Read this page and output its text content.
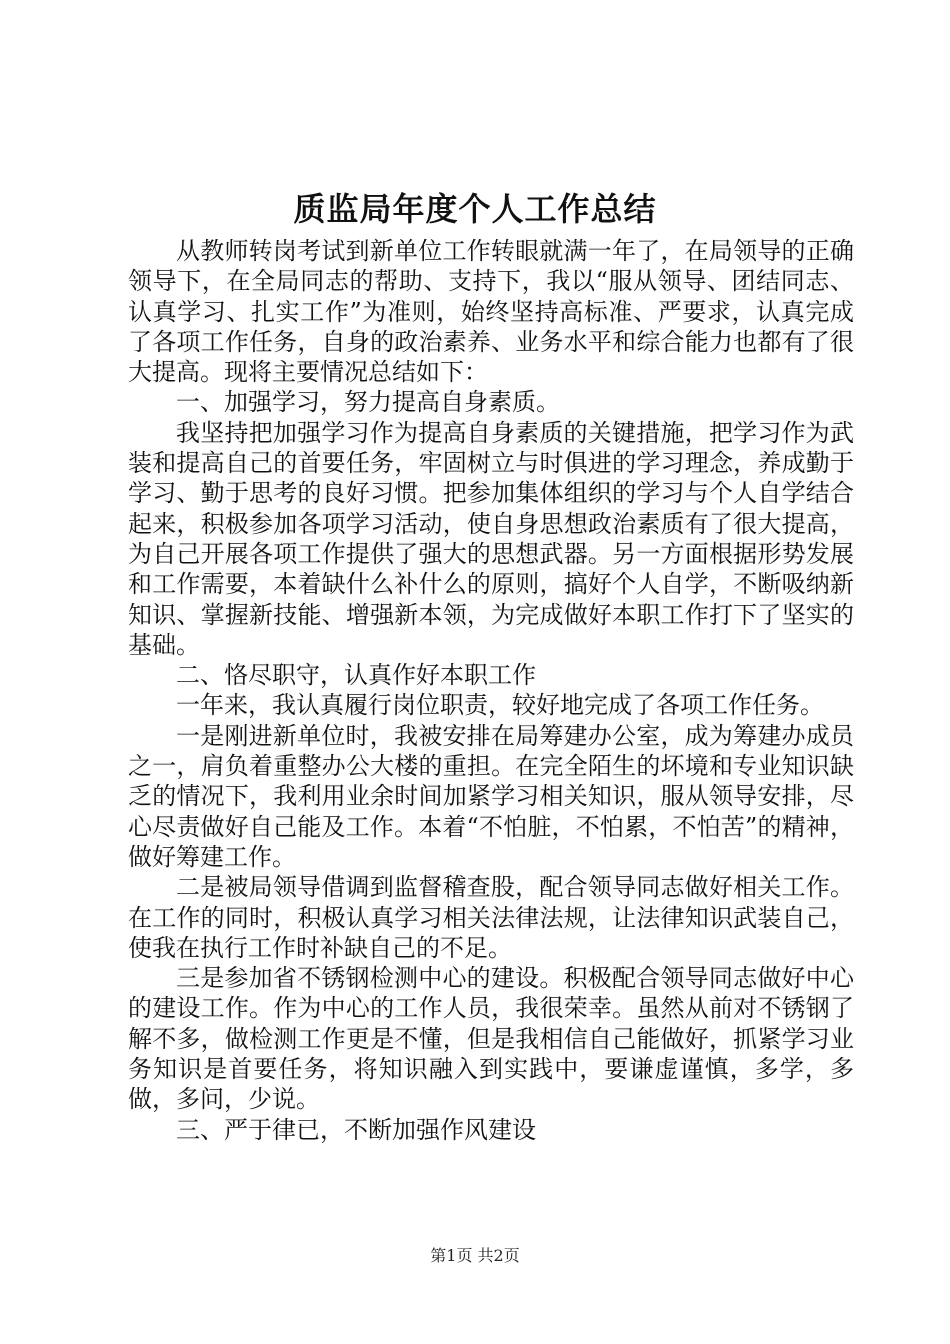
质监局年度个人工作总结

从教师转岗考试到新单位工作转眼就满一年了，在局领导的正确领导下，在全局同志的帮助、支持下，我以“服从领导、团结同志、认真学习、扎实工作”为准则，始终坚持高标准、严要求，认真完成了各项工作任务，自身的政治素养、业务水平和综合能力也都有了很大提高。现将主要情况总结如下：

一、加强学习，努力提高自身素质。

我坚持把加强学习作为提高自身素质的关键措施，把学习作为武装和提高自己的首要任务，牢固树立与时俱进的学习理念，养成勤于学习、勤于思考的良好习惯。把参加集体组织的学习与个人自学结合起来，积极参加各项学习活动，使自身思想政治素质有了很大提高，为自己开展各项工作提供了强大的思想武器。另一方面根据形势发展和工作需要，本着缺什么补什么的原则，搞好个人自学，不断吸纳新知识、掌握新技能、增强新本领，为完成做好本职工作打下了坚实的基础。

二、恪尽职守，认真作好本职工作

一年来，我认真履行岗位职责，较好地完成了各项工作任务。

一是刚进新单位时，我被安排在局筹建办公室，成为筹建办成员之一，肩负着重整办公大楼的重担。在完全陌生的坏境和专业知识缺乏的情况下，我利用业余时间加紧学习相关知识，服从领导安排，尽心尽责做好自己能及工作。本着“不怕脏，不怕累，不怕苦”的精神，做好筹建工作。

二是被局领导借调到监督稽查股，配合领导同志做好相关工作。在工作的同时，积极认真学习相关法律法规，让法律知识武装自己，使我在执行工作时补缺自己的不足。

三是参加省不锈钢检测中心的建设。积极配合领导同志做好中心的建设工作。作为中心的工作人员，我很荣幸。虽然从前对不锈钢了解不多，做检测工作更是不懂，但是我相信自己能做好，抓紧学习业务知识是首要任务，将知识融入到实践中，要谦虚谨慎，多学，多做，多问，少说。

三、严于律已，不断加强作风建设

第1页 共2页
